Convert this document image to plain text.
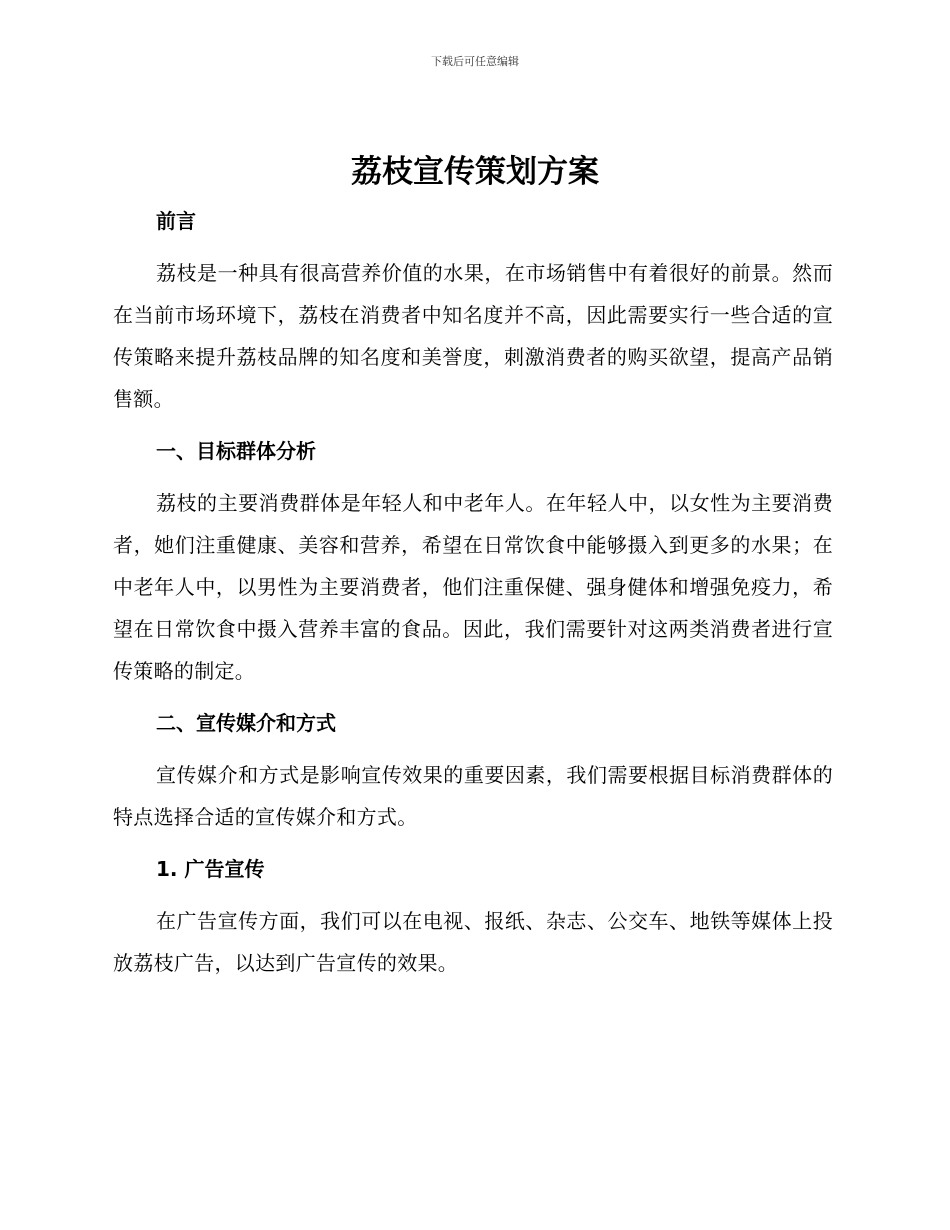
下载后可任意编辑
荔枝宣传策划方案
前言

荔枝是一种具有很高营养价值的水果，在市场销售中有着很好的前景。然而在当前市场环境下，荔枝在消费者中知名度并不高，因此需要实行一些合适的宣传策略来提升荔枝品牌的知名度和美誉度，刺激消费者的购买欲望，提高产品销售额。

一、目标群体分析

荔枝的主要消费群体是年轻人和中老年人。在年轻人中，以女性为主要消费者，她们注重健康、美容和营养，希望在日常饮食中能够摄入到更多的水果；在中老年人中，以男性为主要消费者，他们注重保健、强身健体和增强免疫力，希望在日常饮食中摄入营养丰富的食品。因此，我们需要针对这两类消费者进行宣传策略的制定。

二、宣传媒介和方式

宣传媒介和方式是影响宣传效果的重要因素，我们需要根据目标消费群体的特点选择合适的宣传媒介和方式。

1. 广告宣传

在广告宣传方面，我们可以在电视、报纸、杂志、公交车、地铁等媒体上投放荔枝广告，以达到广告宣传的效果。
